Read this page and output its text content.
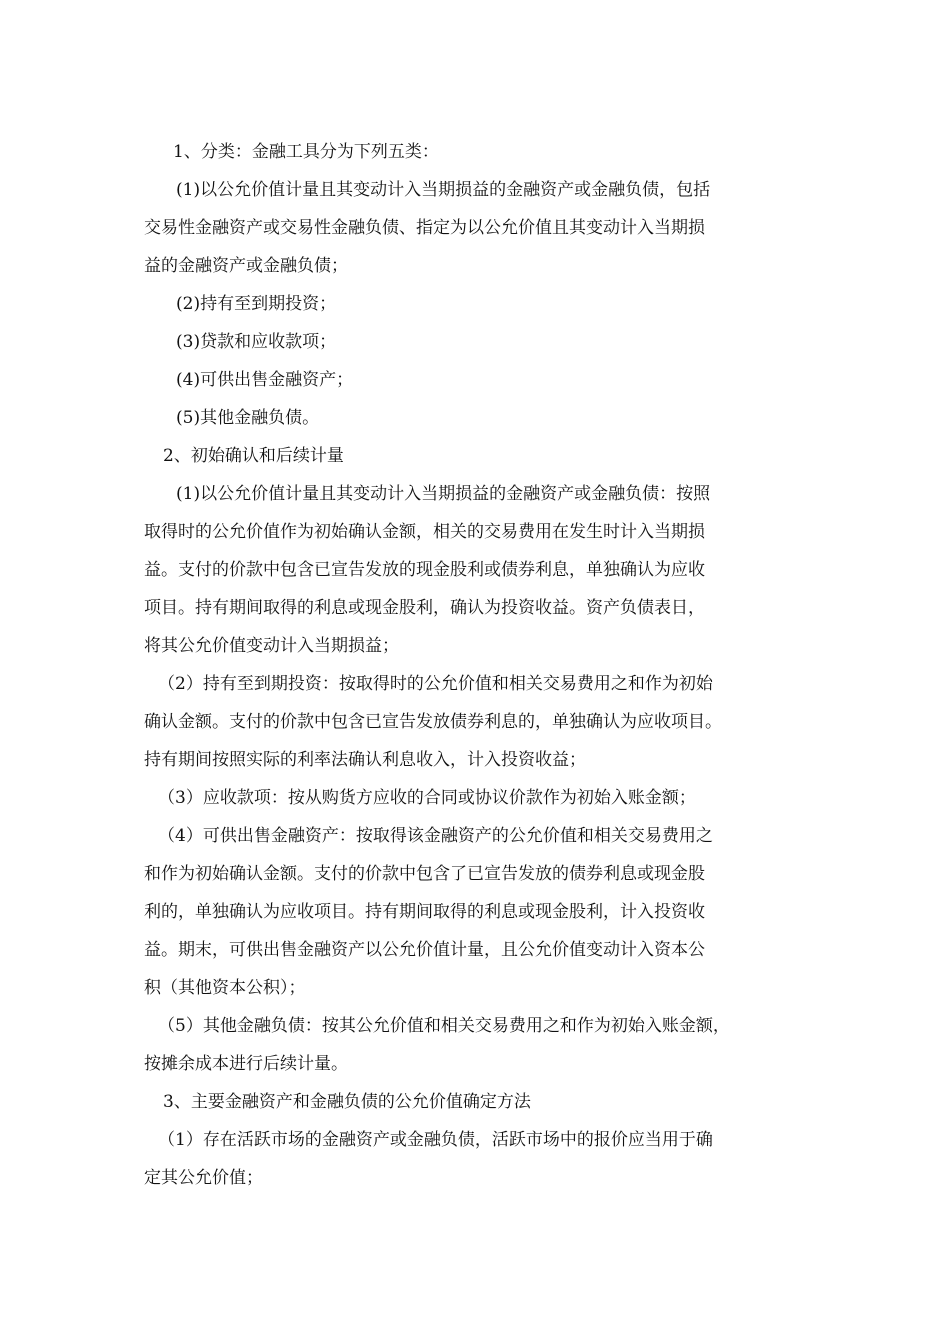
1、分类：金融工具分为下列五类：
(1)以公允价值计量且其变动计入当期损益的金融资产或金融负债，包括
交易性金融资产或交易性金融负债、指定为以公允价值且其变动计入当期损
益的金融资产或金融负债；
(2)持有至到期投资；
(3)贷款和应收款项；
(4)可供出售金融资产；
(5)其他金融负债。
2、初始确认和后续计量
(1)以公允价值计量且其变动计入当期损益的金融资产或金融负债：按照
取得时的公允价值作为初始确认金额，相关的交易费用在发生时计入当期损
益。支付的价款中包含已宣告发放的现金股利或债券利息，单独确认为应收
项目。持有期间取得的利息或现金股利，确认为投资收益。资产负债表日，
将其公允价值变动计入当期损益；
（2）持有至到期投资：按取得时的公允价值和相关交易费用之和作为初始
确认金额。支付的价款中包含已宣告发放债券利息的，单独确认为应收项目。
持有期间按照实际的利率法确认利息收入，计入投资收益；
（3）应收款项：按从购货方应收的合同或协议价款作为初始入账金额；
（4）可供出售金融资产：按取得该金融资产的公允价值和相关交易费用之
和作为初始确认金额。支付的价款中包含了已宣告发放的债券利息或现金股
利的，单独确认为应收项目。持有期间取得的利息或现金股利，计入投资收
益。期末，可供出售金融资产以公允价值计量，且公允价值变动计入资本公
积（其他资本公积）；
（5）其他金融负债：按其公允价值和相关交易费用之和作为初始入账金额，
按摊余成本进行后续计量。
3、主要金融资产和金融负债的公允价值确定方法
（1）存在活跃市场的金融资产或金融负债，活跃市场中的报价应当用于确
定其公允价值；
